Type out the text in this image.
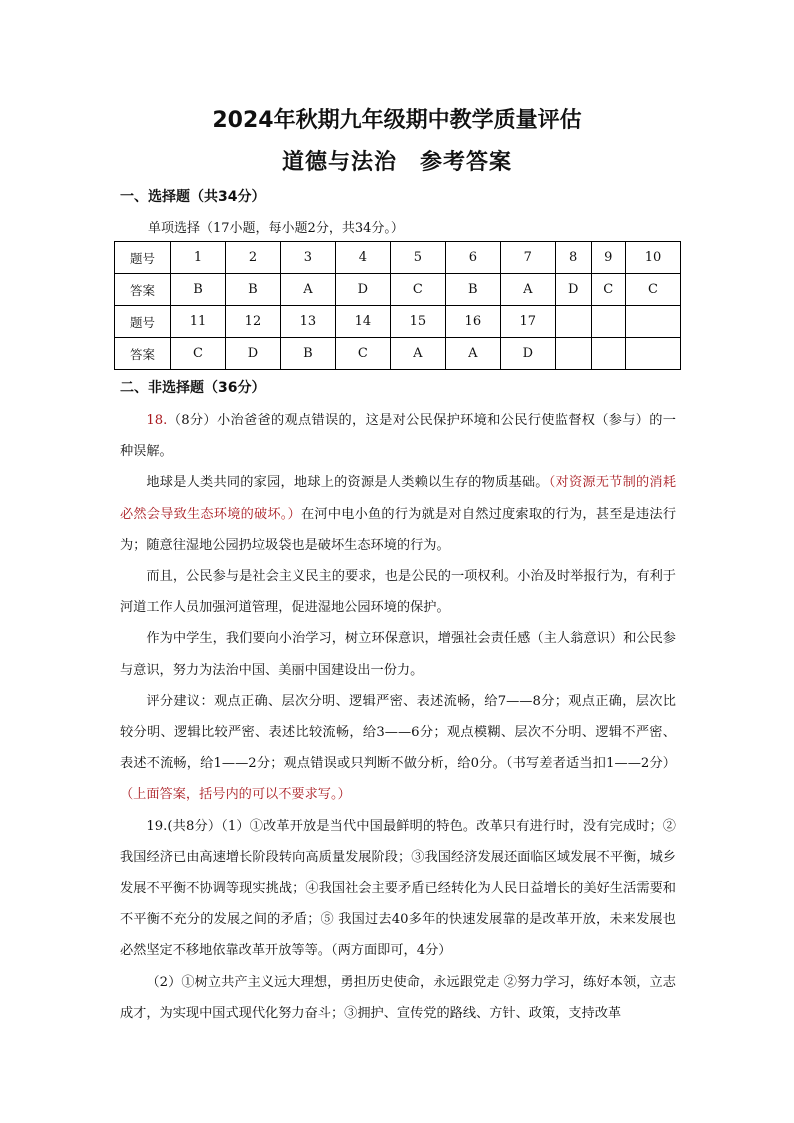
2024年秋期九年级期中教学质量评估
道德与法治　参考答案

一、选择题（共34分）

单项选择（17小题，每小题2分，共34分。）

题号	1	2	3	4	5	6	7	8	9	10
答案	B	B	A	D	C	B	A	D	C	C
题号	11	12	13	14	15	16	17			
答案	C	D	B	C	A	A	D			

二、非选择题（36分）

18.（8分）小治爸爸的观点错误的，这是对公民保护环境和公民行使监督权（参与）的一种误解。

地球是人类共同的家园，地球上的资源是人类赖以生存的物质基础。（对资源无节制的消耗必然会导致生态环境的破坏。）在河中电小鱼的行为就是对自然过度索取的行为，甚至是违法行为；随意往湿地公园扔垃圾袋也是破坏生态环境的行为。

而且，公民参与是社会主义民主的要求，也是公民的一项权利。小治及时举报行为，有利于河道工作人员加强河道管理，促进湿地公园环境的保护。

作为中学生，我们要向小治学习，树立环保意识，增强社会责任感（主人翁意识）和公民参与意识，努力为法治中国、美丽中国建设出一份力。

评分建议：观点正确、层次分明、逻辑严密、表述流畅，给7——8分；观点正确，层次比较分明、逻辑比较严密、表述比较流畅，给3——6分；观点模糊、层次不分明、逻辑不严密、表述不流畅，给1——2分；观点错误或只判断不做分析，给0分。（书写差者适当扣1——2分）（上面答案，括号内的可以不要求写。）

19.(共8分）（1）①改革开放是当代中国最鲜明的特色。改革只有进行时，没有完成时；②我国经济已由高速增长阶段转向高质量发展阶段；③我国经济发展还面临区域发展不平衡，城乡发展不平衡不协调等现实挑战；④我国社会主要矛盾已经转化为人民日益增长的美好生活需要和不平衡不充分的发展之间的矛盾；⑤ 我国过去40多年的快速发展靠的是改革开放，未来发展也必然坚定不移地依靠改革开放等等。（两方面即可，4分）

（2）①树立共产主义远大理想，勇担历史使命，永远跟党走 ②努力学习，练好本领，立志成才，为实现中国式现代化努力奋斗；③拥护、宣传党的路线、方针、政策，支持改革
